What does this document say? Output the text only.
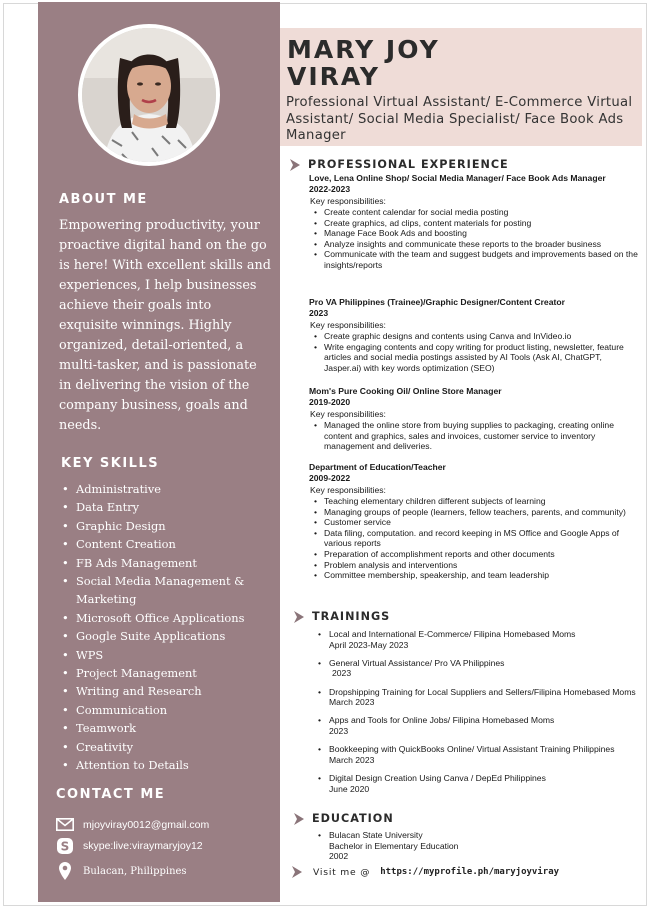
MARY JOY
VIRAY
Professional Virtual Assistant/ E-Commerce Virtual Assistant/ Social Media Specialist/ Face Book Ads Manager
ABOUT ME
Empowering productivity, your proactive digital hand on the go is here! With excellent skills and experiences, I help businesses achieve their goals into exquisite winnings. Highly organized, detail-oriented, a multi-tasker, and is passionate in delivering the vision of the company business, goals and needs.
KEY SKILLS
• Administrative
• Data Entry
• Graphic Design
• Content Creation
• FB Ads Management
• Social Media Management & Marketing
• Microsoft Office Applications
• Google Suite Applications
• WPS
• Project Management
• Writing and Research
• Communication
• Teamwork
• Creativity
• Attention to Details
CONTACT ME
mjoyviray0012@gmail.com
S skype:live:viraymaryjoy12
Bulacan, Philippines
PROFESSIONAL EXPERIENCE
Love, Lena Online Shop/ Social Media Manager/ Face Book Ads Manager
2022-2023
Key responsibilities:
• Create content calendar for social media posting
• Create graphics, ad clips, content materials for posting
• Manage Face Book Ads and boosting
• Analyze insights and communicate these reports to the broader business
• Communicate with the team and suggest budgets and improvements based on the insights/reports
Pro VA Philippines (Trainee)/Graphic Designer/Content Creator
2023
Key responsibilities:
• Create graphic designs and contents using Canva and InVideo.io
• Write engaging contents and copy writing for product listing, newsletter, feature articles and social media postings assisted by AI Tools (Ask AI, ChatGPT, Jasper.ai) with key words optimization (SEO)
Mom's Pure Cooking Oil/ Online Store Manager
2019-2020
Key responsibilities:
• Managed the online store from buying supplies to packaging, creating online content and graphics, sales and invoices, customer service to inventory management and deliveries.
Department of Education/Teacher
2009-2022
Key responsibilities:
• Teaching elementary children different subjects of learning
• Managing groups of people (learners, fellow teachers, parents, and community)
• Customer service
• Data filing, computation. and record keeping in MS Office and Google Apps of various reports
• Preparation of accomplishment reports and other documents
• Problem analysis and interventions
• Committee membership, speakership, and team leadership
TRAININGS
• Local and International E-Commerce/ Filipina Homebased Moms
April 2023-May 2023
• General Virtual Assistance/ Pro VA Philippines
2023
• Dropshipping Training for Local Suppliers and Sellers/Filipina Homebased Moms
March 2023
• Apps and Tools for Online Jobs/ Filipina Homebased Moms
2023
• Bookkeeping with QuickBooks Online/ Virtual Assistant Training Philippines
March 2023
• Digital Design Creation Using Canva / DepEd Philippines
June 2020
EDUCATION
• Bulacan State University
Bachelor in Elementary Education
2002
Visit me @ https://myprofile.ph/maryjoyviray
